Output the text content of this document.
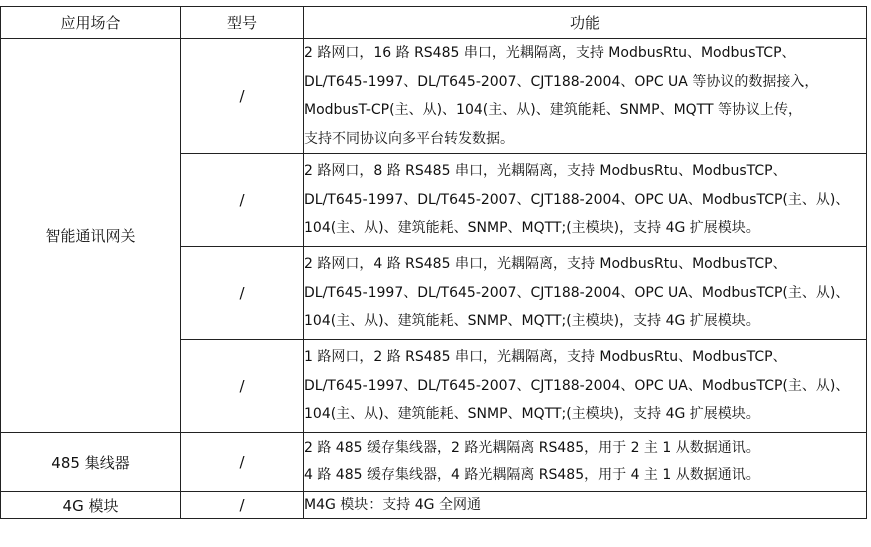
应用场合	型号	功能
智能通讯网关	/	2 路网口，16 路 RS485 串口，光耦隔离，支持 ModbusRtu、ModbusTCP、
DL/T645-1997、DL/T645-2007、CJT188-2004、OPC UA 等协议的数据接入，
ModbusT-CP(主、从)、104(主、从)、建筑能耗、SNMP、MQTT 等协议上传，
支持不同协议向多平台转发数据。

	/	2 路网口，8 路 RS485 串口，光耦隔离，支持 ModbusRtu、ModbusTCP、
DL/T645-1997、DL/T645-2007、CJT188-2004、OPC UA、ModbusTCP(主、从)、
104(主、从)、建筑能耗、SNMP、MQTT;(主模块)，支持 4G 扩展模块。

	/	2 路网口，4 路 RS485 串口，光耦隔离，支持 ModbusRtu、ModbusTCP、
DL/T645-1997、DL/T645-2007、CJT188-2004、OPC UA、ModbusTCP(主、从)、
104(主、从)、建筑能耗、SNMP、MQTT;(主模块)，支持 4G 扩展模块。

	/	1 路网口，2 路 RS485 串口，光耦隔离，支持 ModbusRtu、ModbusTCP、
DL/T645-1997、DL/T645-2007、CJT188-2004、OPC UA、ModbusTCP(主、从)、
104(主、从)、建筑能耗、SNMP、MQTT;(主模块)，支持 4G 扩展模块。

485 集线器	/	2 路 485 缓存集线器，2 路光耦隔离 RS485，用于 2 主 1 从数据通讯。
4 路 485 缓存集线器，4 路光耦隔离 RS485，用于 4 主 1 从数据通讯。

4G 模块	/	M4G 模块：支持 4G 全网通
